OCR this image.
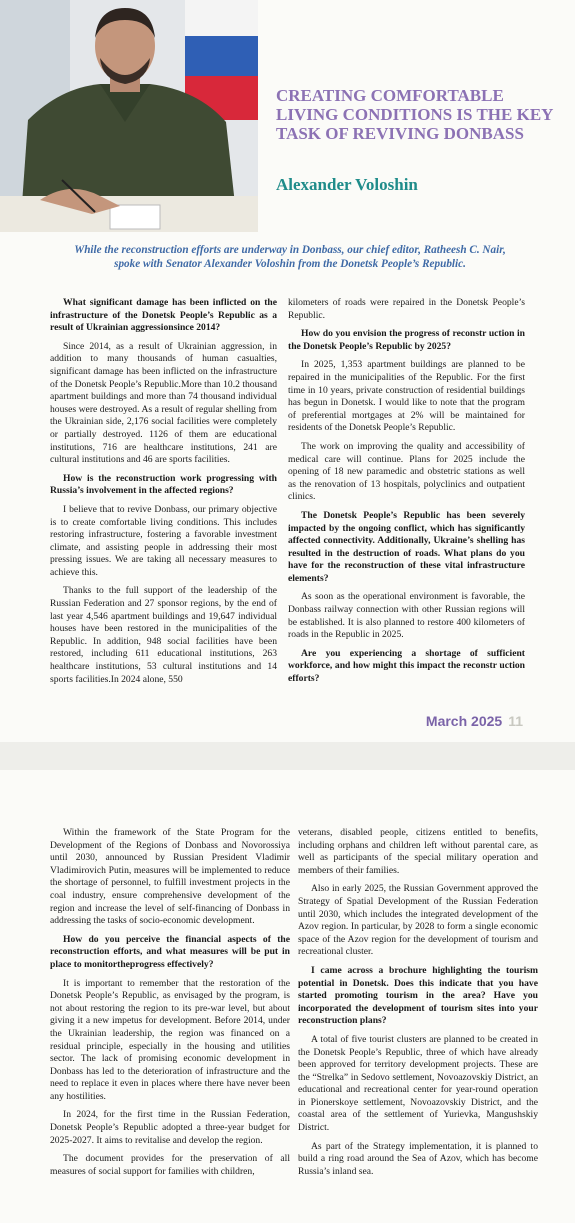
CREATING COMFORTABLE LIVING CONDITIONS IS THE KEY TASK OF REVIVING DONBASS
Alexander Voloshin

While the reconstruction efforts are underway in Donbass, our chief editor, Ratheesh C. Nair, spoke with Senator Alexander Voloshin from the Donetsk People’s Republic.

What significant damage has been inflicted on the infrastructure of the Donetsk People’s Republic as a result of Ukrainian aggressionsince 2014?

Since 2014, as a result of Ukrainian aggression, in addition to many thousands of human casualties, significant damage has been inflicted on the infrastructure of the Donetsk People’s Republic.More than 10.2 thousand apartment buildings and more than 74 thousand individual houses were destroyed. As a result of regular shelling from the Ukrainian side, 2,176 social facilities were completely or partially destroyed. 1126 of them are educational institutions, 716 are healthcare institutions, 241 are cultural institutions and 46 are sports facilities.

How is the reconstruction work progressing with Russia’s involvement in the affected regions?

I believe that to revive Donbass, our primary objective is to create comfortable living conditions. This includes restoring infrastructure, fostering a favorable investment climate, and assisting people in addressing their most pressing issues. We are taking all necessary measures to achieve this.

Thanks to the full support of the leadership of the Russian Federation and 27 sponsor regions, by the end of last year 4,546 apartment buildings and 19,647 individual houses have been restored in the municipalities of the Republic. In addition, 948 social facilities have been restored, including 611 educational institutions, 263 healthcare institutions, 53 cultural institutions and 14 sports facilities.In 2024 alone, 550

kilometers of roads were repaired in the Donetsk People’s Republic.

How do you envision the progress of reconstr uction in the Donetsk People’s Republic by 2025?

In 2025, 1,353 apartment buildings are planned to be repaired in the municipalities of the Republic. For the first time in 10 years, private construction of residential buildings has begun in Donetsk. I would like to note that the program of preferential mortgages at 2% will be maintained for residents of the Donetsk People’s Republic.

The work on improving the quality and accessibility of medical care will continue. Plans for 2025 include the opening of 18 new paramedic and obstetric stations as well as the renovation of 13 hospitals, polyclinics and outpatient clinics.

The Donetsk People’s Republic has been severely impacted by the ongoing conflict, which has significantly affected connectivity. Additionally, Ukraine’s shelling has resulted in the destruction of roads. What plans do you have for the reconstruction of these vital infrastructure elements?

As soon as the operational environment is favorable, the Donbass railway connection with other Russian regions will be established. It is also planned to restore 400 kilometers of roads in the Republic in 2025.

Are you experiencing a shortage of sufficient workforce, and how might this impact the reconstr uction efforts?

March 2025 11

Within the framework of the State Program for the Development of the Regions of Donbass and Novorossiya until 2030, announced by Russian President Vladimir Vladimirovich Putin, measures will be implemented to reduce the shortage of personnel, to fulfill investment projects in the coal industry, ensure comprehensive development of the region and increase the level of self-financing of Donbass in addressing the tasks of socio-economic development.

How do you perceive the financial aspects of the reconstruction efforts, and what measures will be put in place to monitortheprogress effectively?

It is important to remember that the restoration of the Donetsk People’s Republic, as envisaged by the program, is not about restoring the region to its pre-war level, but about giving it a new impetus for development. Before 2014, under the Ukrainian leadership, the region was financed on a residual principle, especially in the housing and utilities sector. The lack of promising economic development in Donbass has led to the deterioration of infrastructure and the need to replace it even in places where there have never been any hostilities.

In 2024, for the first time in the Russian Federation, Donetsk People’s Republic adopted a three-year budget for 2025-2027. It aims to revitalise and develop the region.

The document provides for the preservation of all measures of social support for families with children,

veterans, disabled people, citizens entitled to benefits, including orphans and children left without parental care, as well as participants of the special military operation and members of their families.

Also in early 2025, the Russian Government approved the Strategy of Spatial Development of the Russian Federation until 2030, which includes the integrated development of the Azov region. In particular, by 2028 to form a single economic space of the Azov region for the development of tourism and recreational cluster.

I came across a brochure highlighting the tourism potential in Donetsk. Does this indicate that you have started promoting tourism in the area? Have you incorporated the development of tourism sites into your reconstruction plans?

A total of five tourist clusters are planned to be created in the Donetsk People’s Republic, three of which have already been approved for territory development projects. These are the “Strelka” in Sedovo settlement, Novoazovskiy District, an educational and recreational center for year-round operation in Pionerskoye settlement, Novoazovskiy District, and the coastal area of the settlement of Yurievka, Mangushskiy District.

As part of the Strategy implementation, it is planned to build a ring road around the Sea of Azov, which has become Russia’s inland sea.
